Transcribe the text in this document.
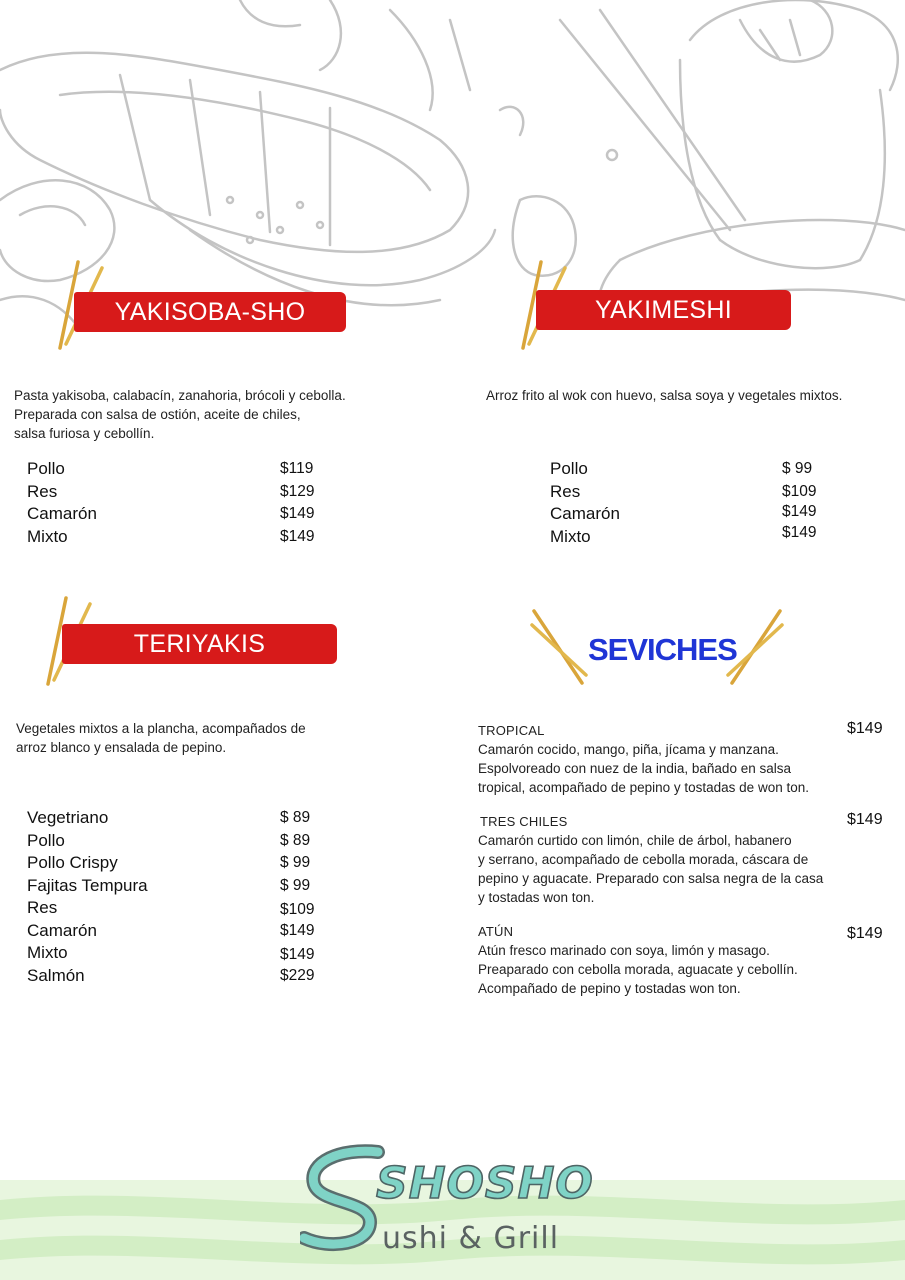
YAKISOBA-SHO
Pasta yakisoba, calabacín, zanahoria, brócoli y cebolla.
Preparada con salsa de ostión, aceite de chiles,
salsa furiosa y cebollín.
Pollo	$119
Res	$129
Camarón	$149
Mixto	$149
YAKIMESHI
Arroz frito al wok con huevo, salsa soya y vegetales mixtos.
Pollo	$ 99
Res	$109
Camarón	$149
Mixto	$149
TERIYAKIS
Vegetales mixtos a la plancha, acompañados de
arroz blanco y ensalada de pepino.
Vegetriano	$ 89
Pollo	$ 89
Pollo Crispy	$ 99
Fajitas Tempura	$ 99
Res	$109
Camarón	$149
Mixto	$149
Salmón	$229
SEVICHES
TROPICAL	$149
Camarón cocido, mango, piña, jícama y manzana.
Espolvoreado con nuez de la india, bañado en salsa
tropical, acompañado de pepino y tostadas de won ton.
TRES CHILES	$149
Camarón curtido con limón, chile de árbol, habanero
y serrano, acompañado de cebolla morada, cáscara de
pepino y aguacate. Preparado con salsa negra de la casa
y tostadas won ton.
ATÚN	$149
Atún fresco marinado con soya, limón y masago.
Preaparado con cebolla morada, aguacate y cebollín.
Acompañado de pepino y tostadas won ton.
SHOSHO
ushi & Grill
